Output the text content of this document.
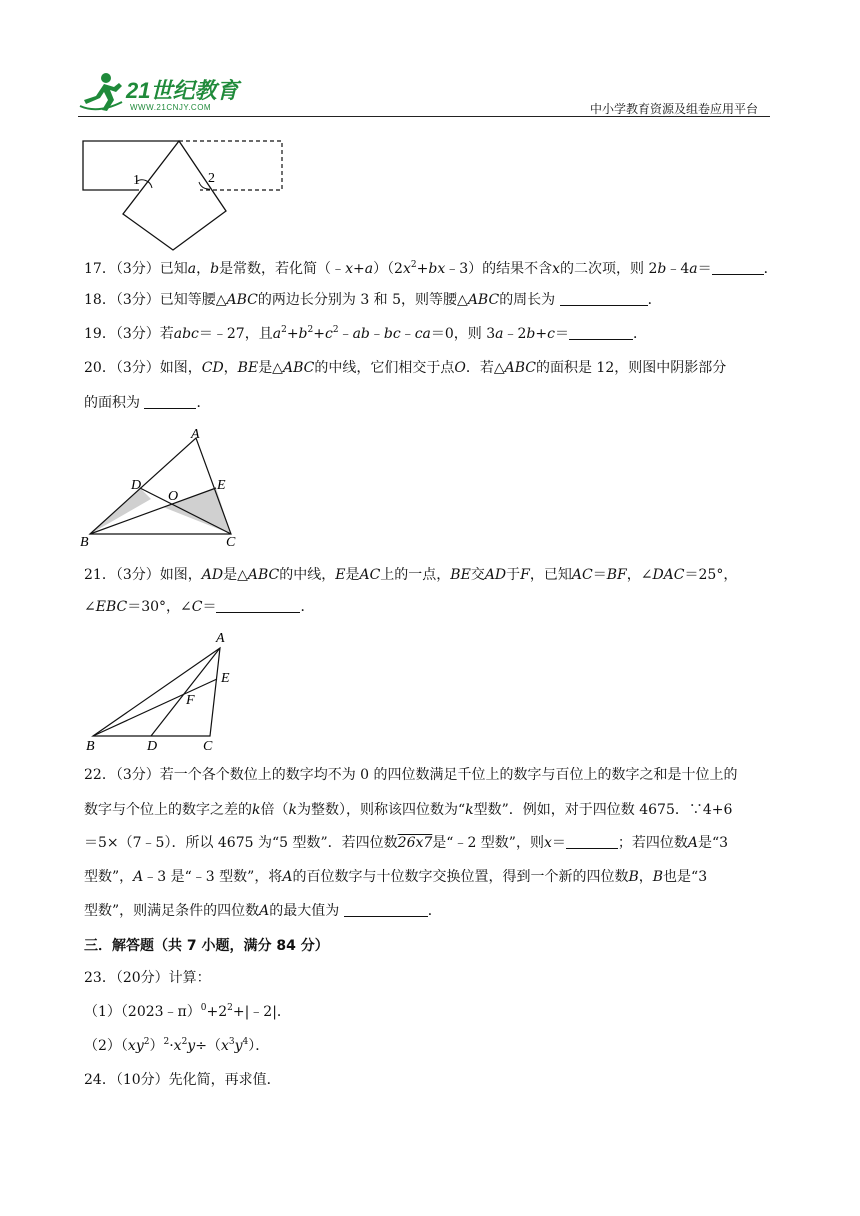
21世纪教育
WWW.21CNJY.COM	中小学教育资源及组卷应用平台
1	2
17．（3分）已知a，b是常数，若化简$(﹣x+a)(2x^2+bx﹣3)$的结果不含x的二次项，则 2b﹣4a＝	．
18．（3分）已知等腰△ABC的两边长分别为 3 和 5，则等腰△ABC的周长为	．
19．（3分）若abc＝﹣27，且$a^2+b^2+c^2﹣ab﹣bc﹣ca=0$，则 3a﹣2b+c＝	．
20．（3分）如图，CD，BE是△ABC的中线，它们相交于点O．若△ABC的面积是 12，则图中阴影部分
的面积为	．
A
B	C
D	E
O
21．（3分）如图，AD是△ABC的中线，E是AC上的一点，BE交AD于F，已知AC＝BF，∠DAC＝25°，
∠EBC＝30°，∠C＝	．
A
B	C
D
E
F
22．（3分）若一个各个数位上的数字均不为 0 的四位数满足千位上的数字与百位上的数字之和是十位上的
数字与个位上的数字之差的k倍（k为整数），则称该四位数为“k型数”．例如，对于四位数 4675．∵4+6
＝5×（7﹣5）．所以 4675 为“5 型数”．若四位数26x7是“﹣2 型数”，则x＝	；若四位数A是“3
型数”，A﹣3 是“﹣3 型数”，将A的百位数字与十位数字交换位置，得到一个新的四位数B，B也是“3
型数”，则满足条件的四位数A的最大值为	．
三．解答题（共 7 小题，满分 84 分）
23．（20分）计算：
$(1)(2023﹣\pi)^0+2^2+|﹣2|$．
$(2)(xy^2)^2\cdot x^2y\div(x^3y^4)$．
24．（10分）先化简，再求值．
